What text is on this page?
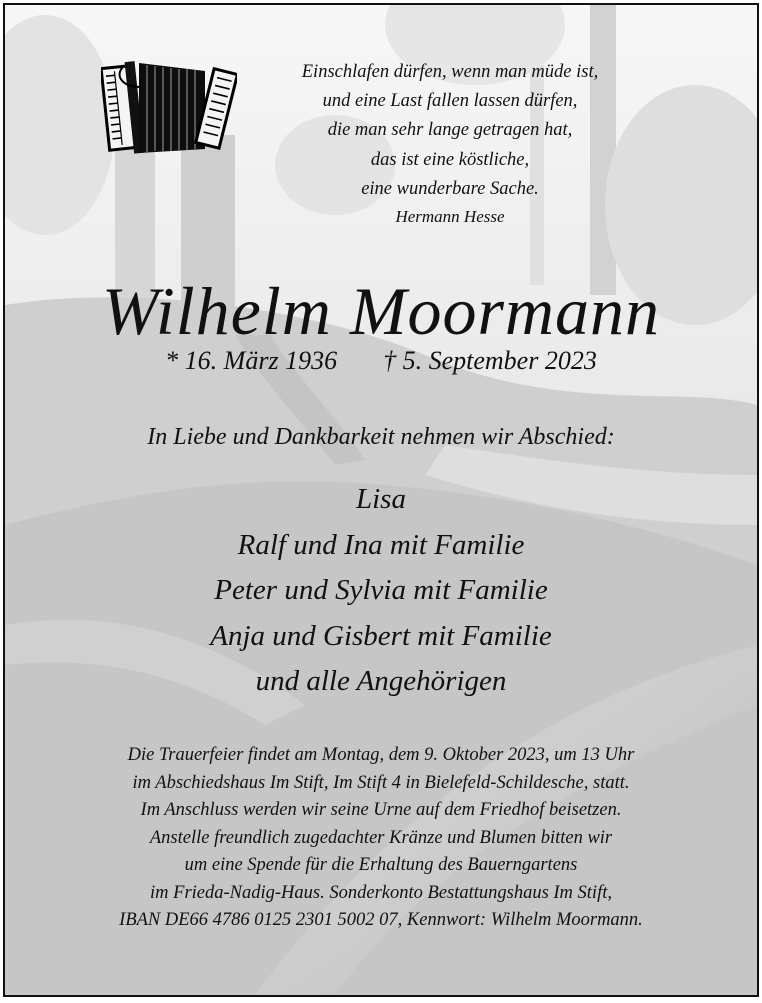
Einschlafen dürfen, wenn man müde ist,
und eine Last fallen lassen dürfen,
die man sehr lange getragen hat,
das ist eine köstliche,
eine wunderbare Sache.
Hermann Hesse
Wilhelm Moormann
* 16. März 1936 † 5. September 2023
In Liebe und Dankbarkeit nehmen wir Abschied:
Lisa
Ralf und Ina mit Familie
Peter und Sylvia mit Familie
Anja und Gisbert mit Familie
und alle Angehörigen
Die Trauerfeier findet am Montag, dem 9. Oktober 2023, um 13 Uhr
im Abschiedshaus Im Stift, Im Stift 4 in Bielefeld-Schildesche, statt.
Im Anschluss werden wir seine Urne auf dem Friedhof beisetzen.
Anstelle freundlich zugedachter Kränze und Blumen bitten wir
um eine Spende für die Erhaltung des Bauerngartens
im Frieda-Nadig-Haus. Sonderkonto Bestattungshaus Im Stift,
IBAN DE66 4786 0125 2301 5002 07, Kennwort: Wilhelm Moormann.
